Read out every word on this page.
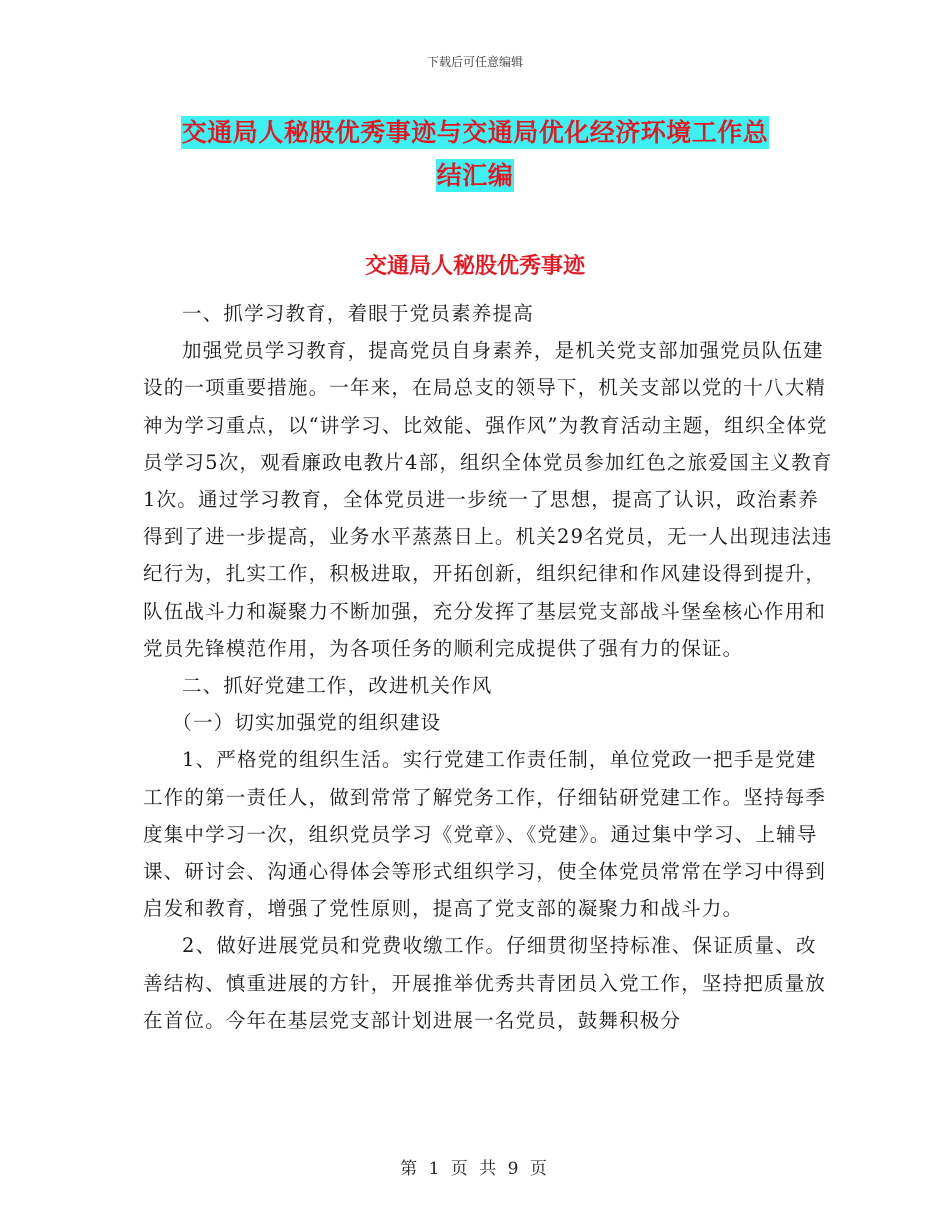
下载后可任意编辑
交通局人秘股优秀事迹与交通局优化经济环境工作总
结汇编
交通局人秘股优秀事迹

一、抓学习教育，着眼于党员素养提高

加强党员学习教育，提高党员自身素养，是机关党支部加强党员队伍建设的一项重要措施。一年来，在局总支的领导下，机关支部以党的十八大精神为学习重点，以“讲学习、比效能、强作风”为教育活动主题，组织全体党员学习5次，观看廉政电教片4部，组织全体党员参加红色之旅爱国主义教育1次。通过学习教育，全体党员进一步统一了思想，提高了认识，政治素养得到了进一步提高，业务水平蒸蒸日上。机关29名党员，无一人出现违法违纪行为，扎实工作，积极进取，开拓创新，组织纪律和作风建设得到提升，队伍战斗力和凝聚力不断加强，充分发挥了基层党支部战斗堡垒核心作用和党员先锋模范作用，为各项任务的顺利完成提供了强有力的保证。

二、抓好党建工作，改进机关作风

（一）切实加强党的组织建设

1、严格党的组织生活。实行党建工作责任制，单位党政一把手是党建工作的第一责任人，做到常常了解党务工作，仔细钻研党建工作。坚持每季度集中学习一次，组织党员学习《党章》、《党建》。通过集中学习、上辅导课、研讨会、沟通心得体会等形式组织学习，使全体党员常常在学习中得到启发和教育，增强了党性原则，提高了党支部的凝聚力和战斗力。

2、做好进展党员和党费收缴工作。仔细贯彻坚持标准、保证质量、改善结构、慎重进展的方针，开展推举优秀共青团员入党工作，坚持把质量放在首位。今年在基层党支部计划进展一名党员，鼓舞积极分

第 1 页 共 9 页
